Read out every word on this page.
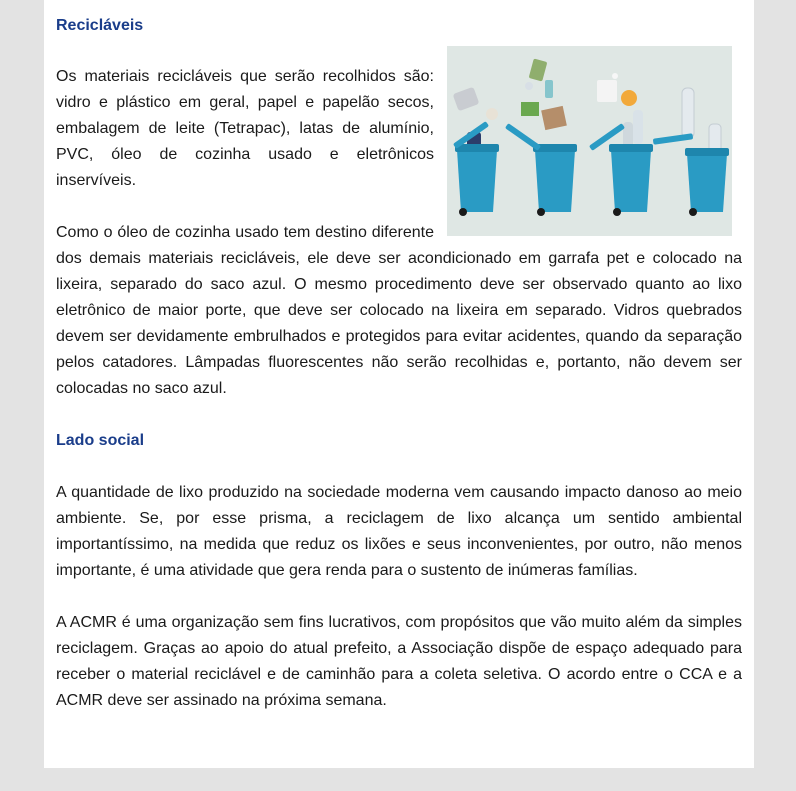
Recicláveis

Os materiais recicláveis que serão recolhidos são: vidro e plástico em geral, papel e papelão secos, embalagem de leite (Tetrapac), latas de alumínio, PVC, óleo de cozinha usado e eletrônicos inservíveis.

Como o óleo de cozinha usado tem destino diferente dos demais materiais recicláveis, ele deve ser acondicionado em garrafa pet e colocado na lixeira, separado do saco azul. O mesmo procedimento deve ser observado quanto ao lixo eletrônico de maior porte, que deve ser colocado na lixeira em separado. Vidros quebrados devem ser devidamente embrulhados e protegidos para evitar acidentes, quando da separação pelos catadores. Lâmpadas fluorescentes não serão recolhidas e, portanto, não devem ser colocadas no saco azul.

Lado social

A quantidade de lixo produzido na sociedade moderna vem causando impacto danoso ao meio ambiente. Se, por esse prisma, a reciclagem de lixo alcança um sentido ambiental importantíssimo, na medida que reduz os lixões e seus inconvenientes, por outro, não menos importante, é uma atividade que gera renda para o sustento de inúmeras famílias.

A ACMR é uma organização sem fins lucrativos, com propósitos que vão muito além da simples reciclagem. Graças ao apoio do atual prefeito, a Associação dispõe de espaço adequado para receber o material reciclável e de caminhão para a coleta seletiva. O acordo entre o CCA e a ACMR deve ser assinado na próxima semana.
